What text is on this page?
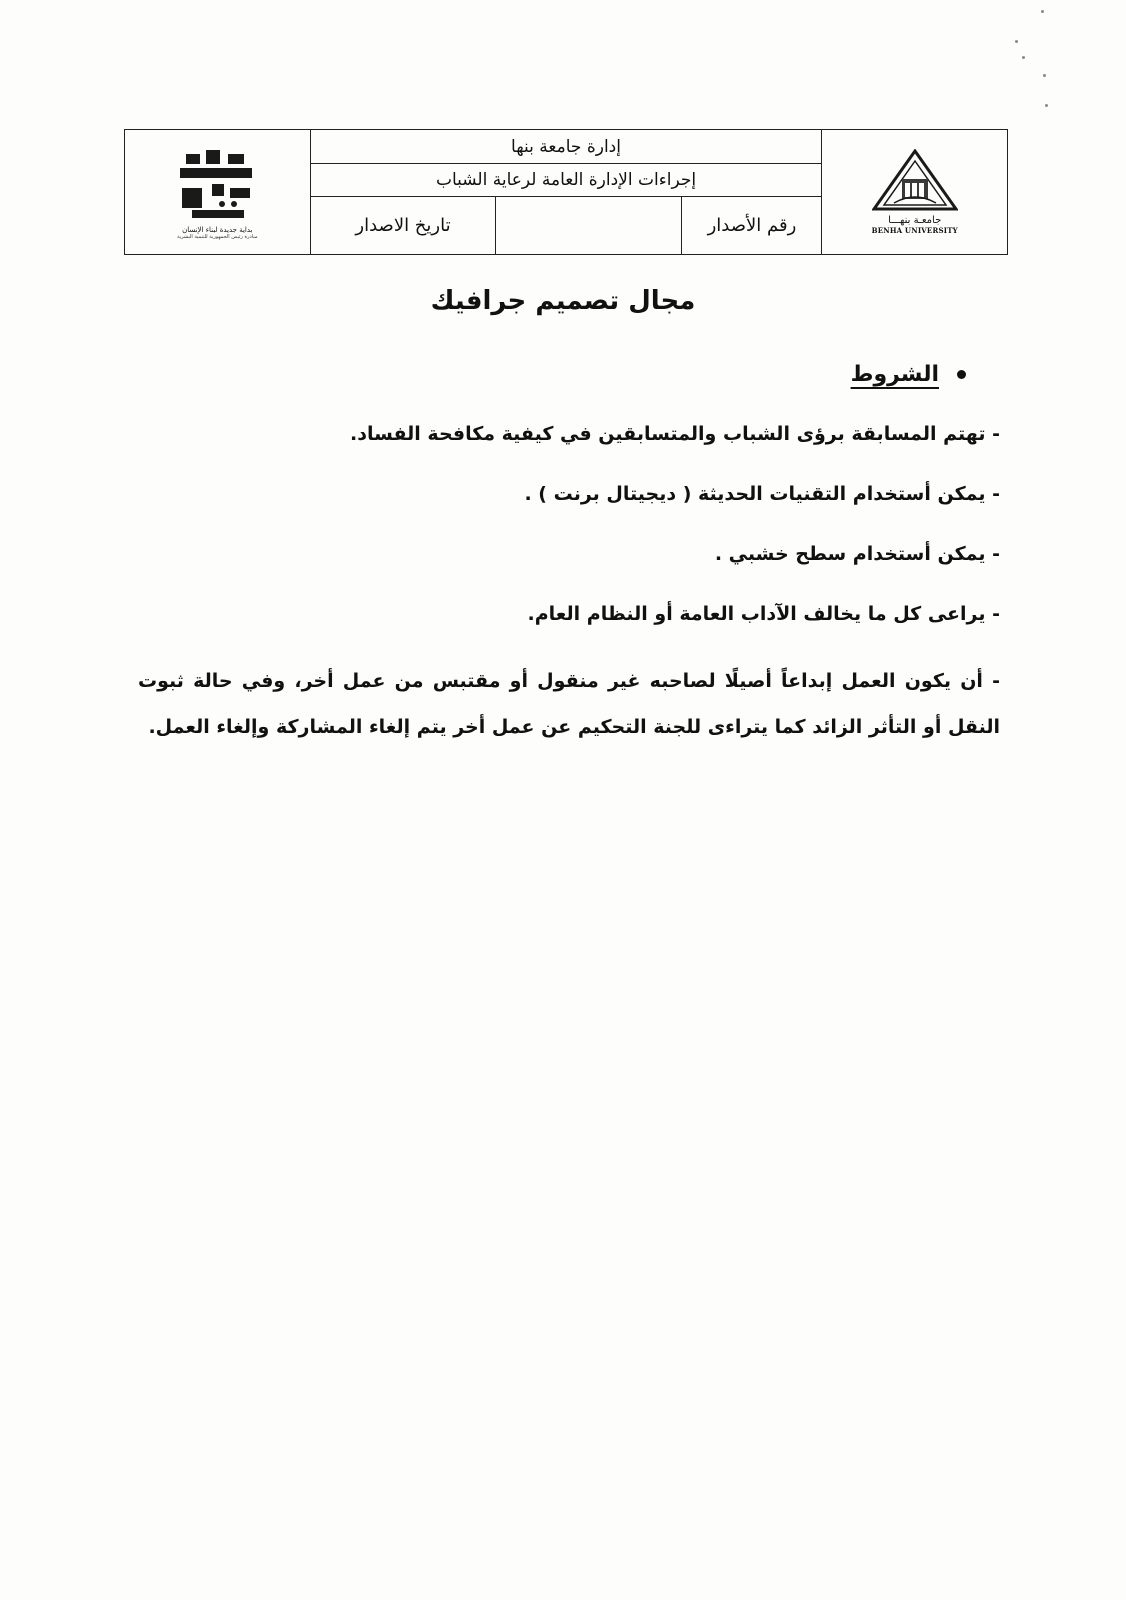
بداية جديدة لبناء الإنسان
مبادرة رئيس الجمهورية للتنمية البشرية
إدارة جامعة بنها
إجراءات الإدارة العامة لرعاية الشباب
رقم الأصدار
تاريخ الاصدار	جامعـة بنهـــا
BENHA UNIVERSITY
مجال تصميم جرافيك
الشروط

- تهتم المسابقة برؤى الشباب والمتسابقين في كيفية مكافحة الفساد.

- يمكن أستخدام التقنيات الحديثة ( ديجيتال برنت ) .

- يمكن أستخدام سطح خشبي .

- يراعى كل ما يخالف الآداب العامة أو النظام العام.

- أن يكون العمل إبداعاً أصيلًا لصاحبه غير منقول أو مقتبس من عمل أخر، وفي حالة ثبوت النقل أو التأثر الزائد كما يتراءى للجنة التحكيم عن عمل أخر يتم إلغاء المشاركة وإلغاء العمل.
